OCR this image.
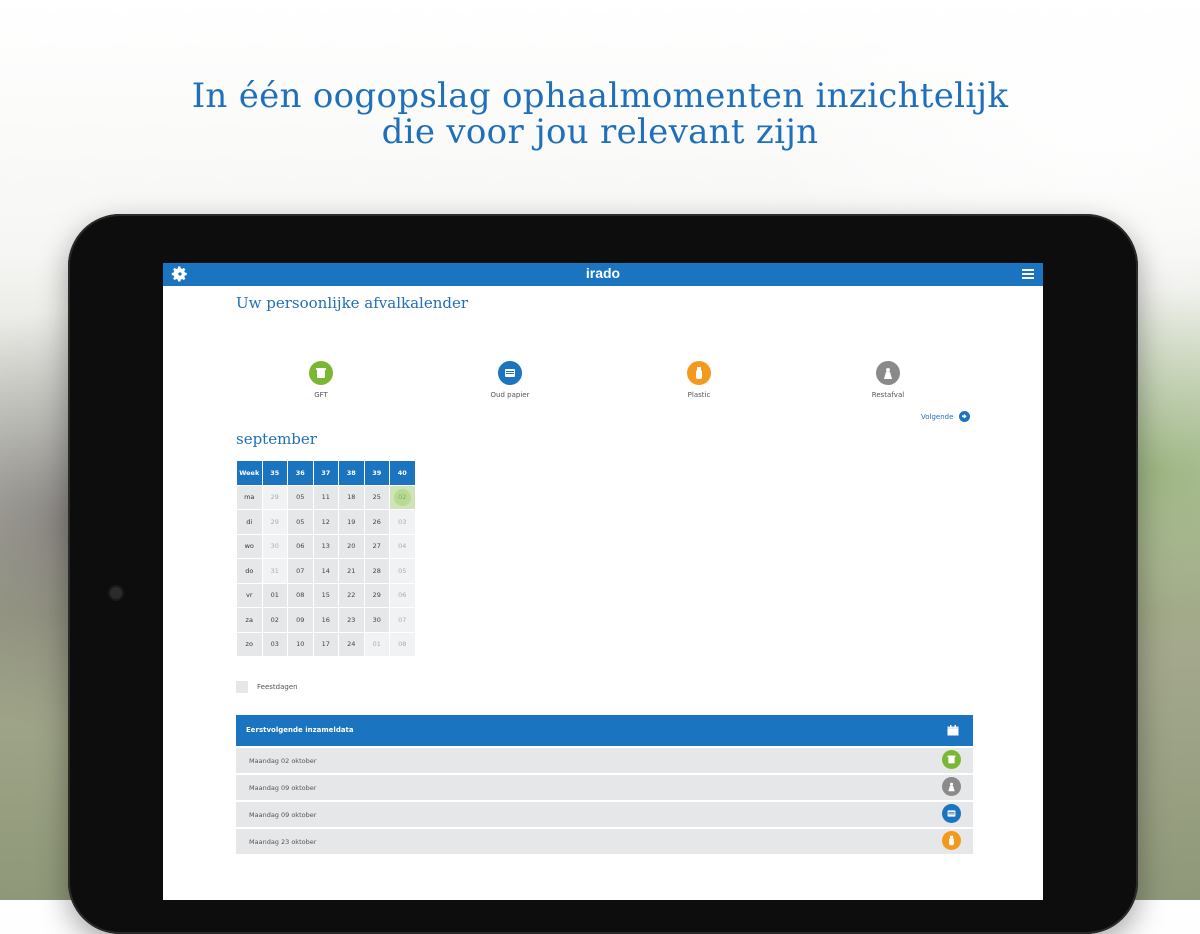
In één oogopslag ophaalmomenten inzichtelijk
die voor jou relevant zijn
irado
Uw persoonlijke afvalkalender
GFT	Oud papier	Plastic	Restafval
Volgende
september
Week	35	36	37	38	39	40
ma	29	05	11	18	25	02
di	29	05	12	19	26	03
wo	30	06	13	20	27	04
do	31	07	14	21	28	05
vr	01	08	15	22	29	06
za	02	09	16	23	30	07
zo	03	10	17	24	01	08
Feestdagen
Eerstvolgende inzameldata
Maandag 02 oktober
Maandag 09 oktober
Maandag 09 oktober
Maandag 23 oktober
